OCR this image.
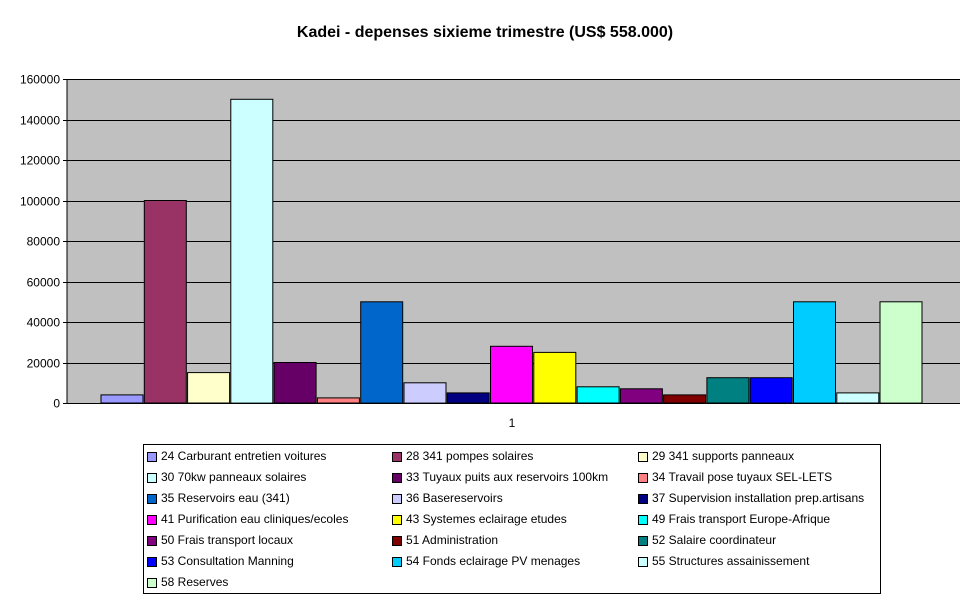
Kadei - depenses sixieme trimestre (US$ 558.000)
0
20000
40000
60000
80000
100000
120000
140000
160000
1
24 Carburant entretien voitures	28 341 pompes solaires	29 341 supports panneaux
30 70kw panneaux solaires	33 Tuyaux puits aux reservoirs 100km	34 Travail pose tuyaux SEL-LETS
35 Reservoirs eau (341)	36 Basereservoirs	37 Supervision installation prep.artisans
41 Purification eau cliniques/ecoles	43 Systemes eclairage etudes	49 Frais transport Europe-Afrique
50 Frais transport locaux	51 Administration	52 Salaire coordinateur
53 Consultation Manning	54 Fonds eclairage PV menages	55 Structures assainissement
58 Reserves
